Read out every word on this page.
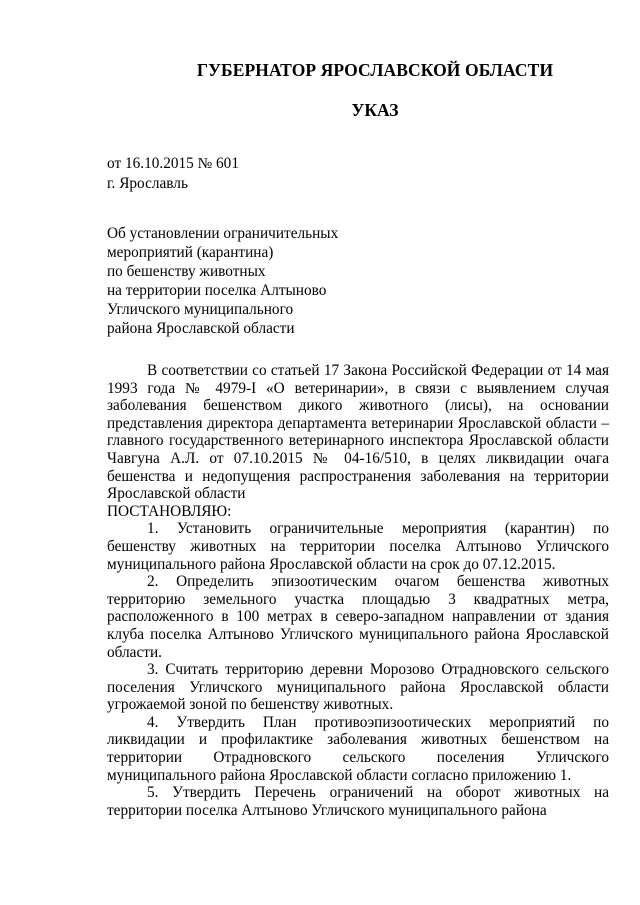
ГУБЕРНАТОР ЯРОСЛАВСКОЙ ОБЛАСТИ
УКАЗ
от 16.10.2015 № 601
г. Ярославль
Об установлении ограничительных
мероприятий (карантина)
по бешенству животных
на территории поселка Алтыново
Угличского муниципального
района Ярославской области

В соответствии со статьей 17 Закона Российской Федерации от 14 мая 1993 года № 4979-I «О ветеринарии», в связи с выявлением случая заболевания бешенством дикого животного (лисы), на основании представления директора департамента ветеринарии Ярославской области – главного государственного ветеринарного инспектора Ярославской области Чавгуна А.Л. от 07.10.2015 № 04-16/510, в целях ликвидации очага бешенства и недопущения распространения заболевания на территории Ярославской области

ПОСТАНОВЛЯЮ:

1. Установить ограничительные мероприятия (карантин) по бешенству животных на территории поселка Алтыново Угличского муниципального района Ярославской области на срок до 07.12.2015.

2. Определить эпизоотическим очагом бешенства животных территорию земельного участка площадью 3 квадратных метра, расположенного в 100 метрах в северо-западном направлении от здания клуба поселка Алтыново Угличского муниципального района Ярославской области.

3. Считать территорию деревни Морозово Отрадновского сельского поселения Угличского муниципального района Ярославской области угрожаемой зоной по бешенству животных.

4. Утвердить План противоэпизоотических мероприятий по ликвидации и профилактике заболевания животных бешенством на территории Отрадновского сельского поселения Угличского муниципального района Ярославской области согласно приложению 1.

5. Утвердить Перечень ограничений на оборот животных на территории поселка Алтыново Угличского муниципального района
